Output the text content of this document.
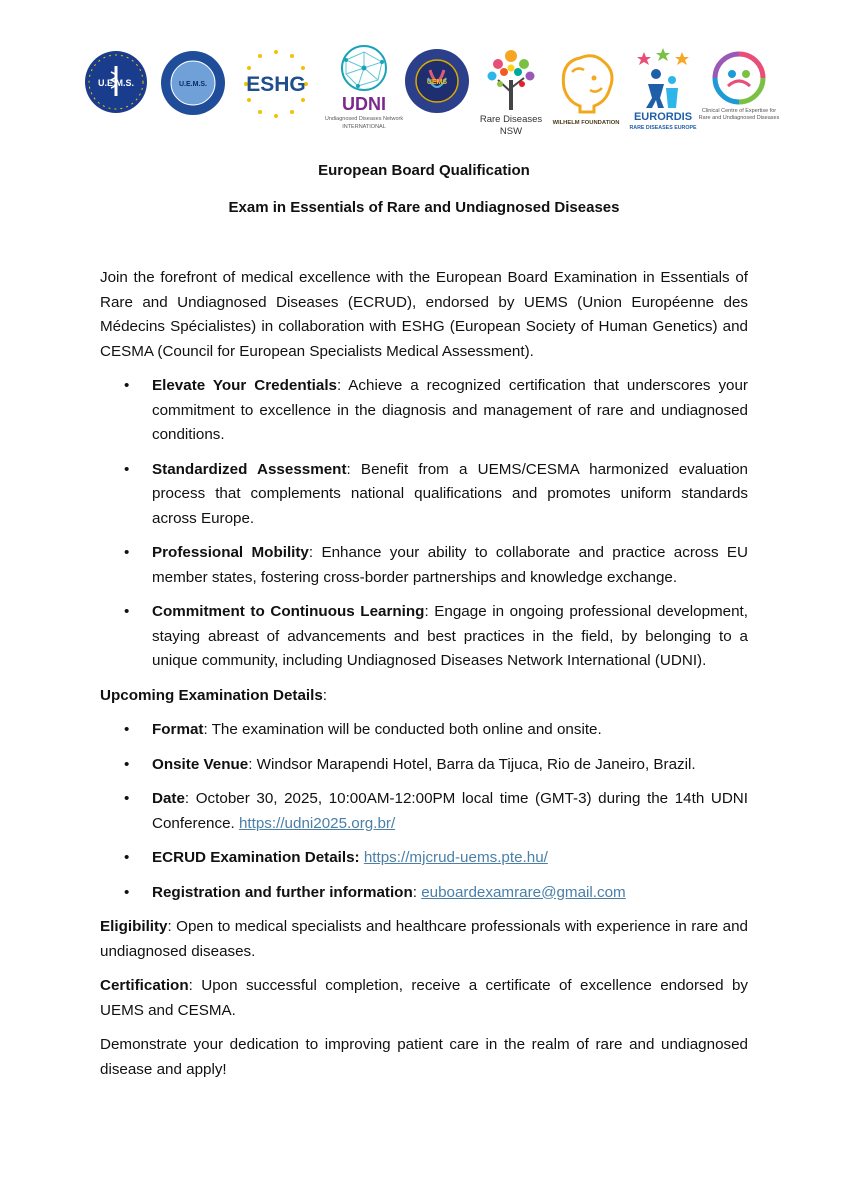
U.E.M.S.	U.E.M.S. ESHG
UDNI
Undiagnosed Diseases Network
INTERNATIONAL
UEMS
Rare Diseases
NSW
WILHELM FOUNDATION EURORDIS
RARE DISEASES EUROPE
Clinical Centre of Expertise for
Rare and Undiagnosed Diseases

European Board Qualification

Exam in Essentials of Rare and Undiagnosed Diseases

Join the forefront of medical excellence with the European Board Examination in Essentials of Rare and Undiagnosed Diseases (ECRUD), endorsed by UEMS (Union Européenne des Médecins Spécialistes) in collaboration with ESHG (European Society of Human Genetics) and CESMA (Council for European Specialists Medical Assessment).

• Elevate Your Credentials: Achieve a recognized certification that underscores your commitment to excellence in the diagnosis and management of rare and undiagnosed conditions.
• Standardized Assessment: Benefit from a UEMS/CESMA harmonized evaluation process that complements national qualifications and promotes uniform standards across Europe.
• Professional Mobility: Enhance your ability to collaborate and practice across EU member states, fostering cross-border partnerships and knowledge exchange.
• Commitment to Continuous Learning: Engage in ongoing professional development, staying abreast of advancements and best practices in the field, by belonging to a unique community, including Undiagnosed Diseases Network International (UDNI).

Upcoming Examination Details:

• Format: The examination will be conducted both online and onsite.
• Onsite Venue: Windsor Marapendi Hotel, Barra da Tijuca, Rio de Janeiro, Brazil.
• Date: October 30, 2025, 10:00AM-12:00PM local time (GMT-3) during the 14th UDNI Conference. https://udni2025.org.br/
• ECRUD Examination Details: https://mjcrud-uems.pte.hu/
• Registration and further information: euboardexamrare@gmail.com

Eligibility: Open to medical specialists and healthcare professionals with experience in rare and undiagnosed diseases.

Certification: Upon successful completion, receive a certificate of excellence endorsed by UEMS and CESMA.

Demonstrate your dedication to improving patient care in the realm of rare and undiagnosed disease and apply!
